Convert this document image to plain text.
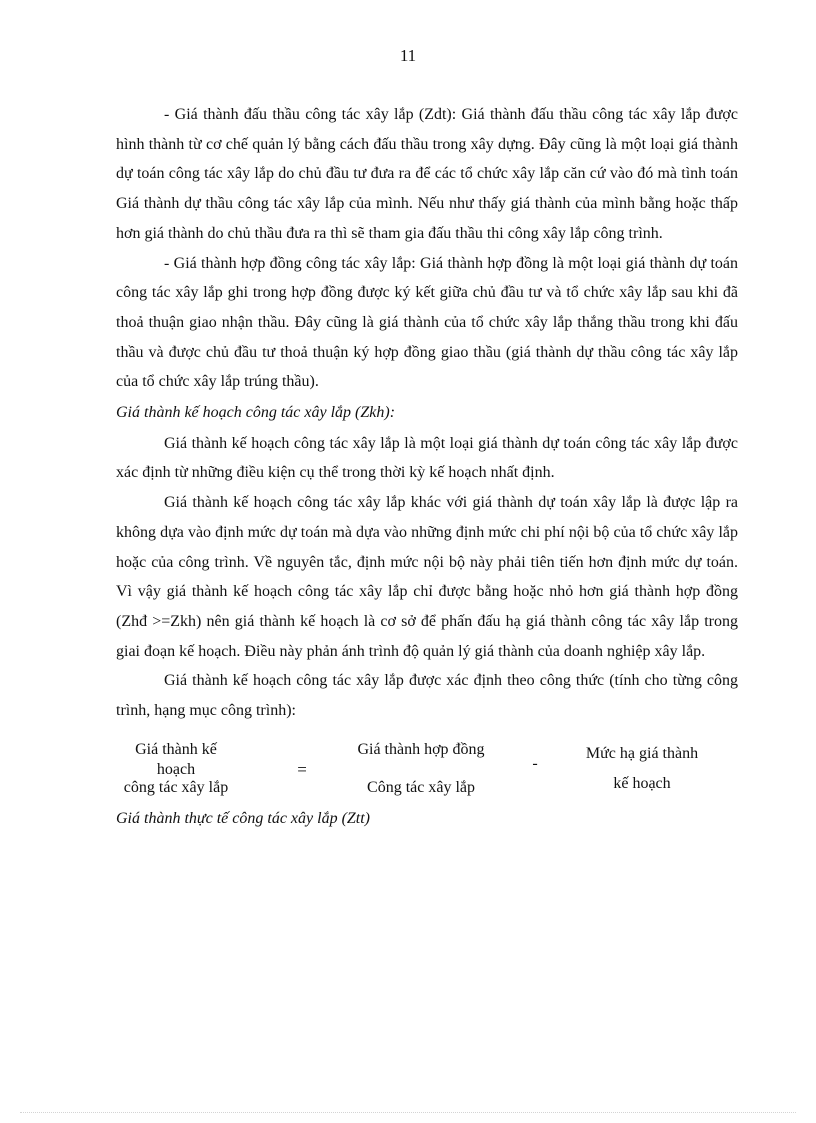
11

- Giá thành đấu thầu công tác xây lắp (Zdt): Giá thành đấu thầu công tác xây lắp được hình thành từ cơ chế quản lý bằng cách đấu thầu trong xây dựng. Đây cũng là một loại giá thành dự toán công tác xây lắp do chủ đầu tư đưa ra để các tổ chức xây lắp căn cứ vào đó mà tình toán Giá thành dự thầu công tác xây lắp của mình. Nếu như thấy giá thành của mình bằng hoặc thấp hơn giá thành do chủ thầu đưa ra thì sẽ tham gia đấu thầu thi công xây lắp công trình.

- Giá thành hợp đồng công tác xây lắp: Giá thành hợp đồng là một loại giá thành dự toán công tác xây lắp ghi trong hợp đồng được ký kết giữa chủ đầu tư và tổ chức xây lắp sau khi đã thoả thuận giao nhận thầu. Đây cũng là giá thành của tổ chức xây lắp thắng thầu trong khi đấu thầu và được chủ đầu tư thoả thuận ký hợp đồng giao thầu (giá thành dự thầu công tác xây lắp của tổ chức xây lắp trúng thầu).

Giá thành kế hoạch công tác xây lắp (Zkh):

Giá thành kế hoạch công tác xây lắp là một loại giá thành dự toán công tác xây lắp được xác định từ những điều kiện cụ thể trong thời kỳ kế hoạch nhất định.

Giá thành kế hoạch công tác xây lắp khác với giá thành dự toán xây lắp là được lập ra không dựa vào định mức dự toán mà dựa vào những định mức chi phí nội bộ của tổ chức xây lắp hoặc của công trình. Về nguyên tắc, định mức nội bộ này phải tiên tiến hơn định mức dự toán. Vì vậy giá thành kế hoạch công tác xây lắp chỉ được bằng hoặc nhỏ hơn giá thành hợp đồng (Zhđ >=Zkh) nên giá thành kế hoạch là cơ sở để phấn đấu hạ giá thành công tác xây lắp trong giai đoạn kế hoạch. Điều này phản ánh trình độ quản lý giá thành của doanh nghiệp xây lắp.

Giá thành kế hoạch công tác xây lắp được xác định theo công thức (tính cho từng công trình, hạng mục công trình):

Giá thành kế hoạch
công tác xây lắp
=
Giá thành hợp đồng
Công tác xây lắp
-
Mức hạ giá thành
kế hoạch

Giá thành thực tế công tác xây lắp (Ztt)
